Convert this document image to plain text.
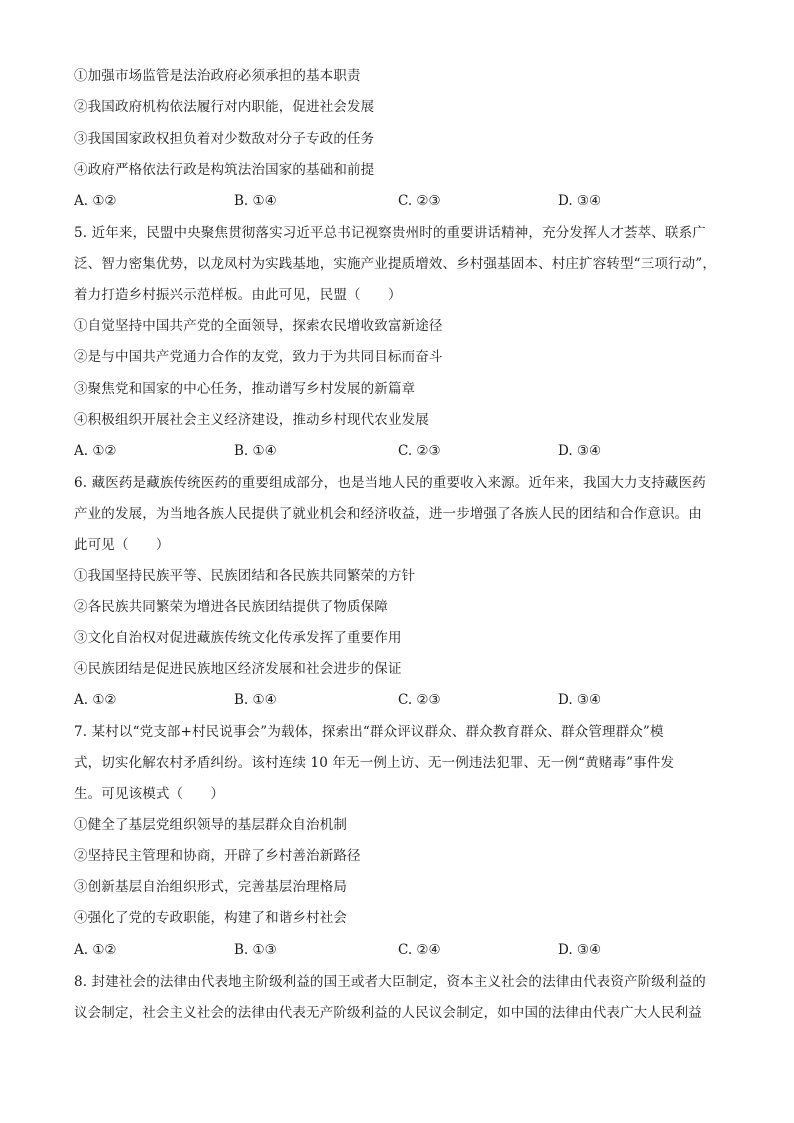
①加强市场监管是法治政府必须承担的基本职责
②我国政府机构依法履行对内职能，促进社会发展
③我国国家政权担负着对少数敌对分子专政的任务
④政府严格依法行政是构筑法治国家的基础和前提
A. ①②	B. ①④	C. ②③	D. ③④
5. 近年来，民盟中央聚焦贯彻落实习近平总书记视察贵州时的重要讲话精神，充分发挥人才荟萃、联系广
泛、智力密集优势，以龙凤村为实践基地，实施产业提质增效、乡村强基固本、村庄扩容转型“三项行动”，
着力打造乡村振兴示范样板。由此可见，民盟（　　）
①自觉坚持中国共产党的全面领导，探索农民增收致富新途径
②是与中国共产党通力合作的友党，致力于为共同目标而奋斗
③聚焦党和国家的中心任务，推动谱写乡村发展的新篇章
④积极组织开展社会主义经济建设，推动乡村现代农业发展
A. ①②	B. ①④	C. ②③	D. ③④
6. 藏医药是藏族传统医药的重要组成部分，也是当地人民的重要收入来源。近年来，我国大力支持藏医药
产业的发展，为当地各族人民提供了就业机会和经济收益，进一步增强了各族人民的团结和合作意识。由
此可见（　　）
①我国坚持民族平等、民族团结和各民族共同繁荣的方针
②各民族共同繁荣为增进各民族团结提供了物质保障
③文化自治权对促进藏族传统文化传承发挥了重要作用
④民族团结是促进民族地区经济发展和社会进步的保证
A. ①②	B. ①④	C. ②③	D. ③④
7. 某村以“党支部+村民说事会”为载体，探索出“群众评议群众、群众教育群众、群众管理群众”模
式，切实化解农村矛盾纠纷。该村连续 10 年无一例上访、无一例违法犯罪、无一例“黄赌毒”事件发
生。可见该模式（　　）
①健全了基层党组织领导的基层群众自治机制
②坚持民主管理和协商，开辟了乡村善治新路径
③创新基层自治组织形式，完善基层治理格局
④强化了党的专政职能，构建了和谐乡村社会
A. ①②	B. ①③	C. ②④	D. ③④
8. 封建社会的法律由代表地主阶级利益的国王或者大臣制定，资本主义社会的法律由代表资产阶级利益的
议会制定，社会主义社会的法律由代表无产阶级利益的人民议会制定，如中国的法律由代表广大人民利益
